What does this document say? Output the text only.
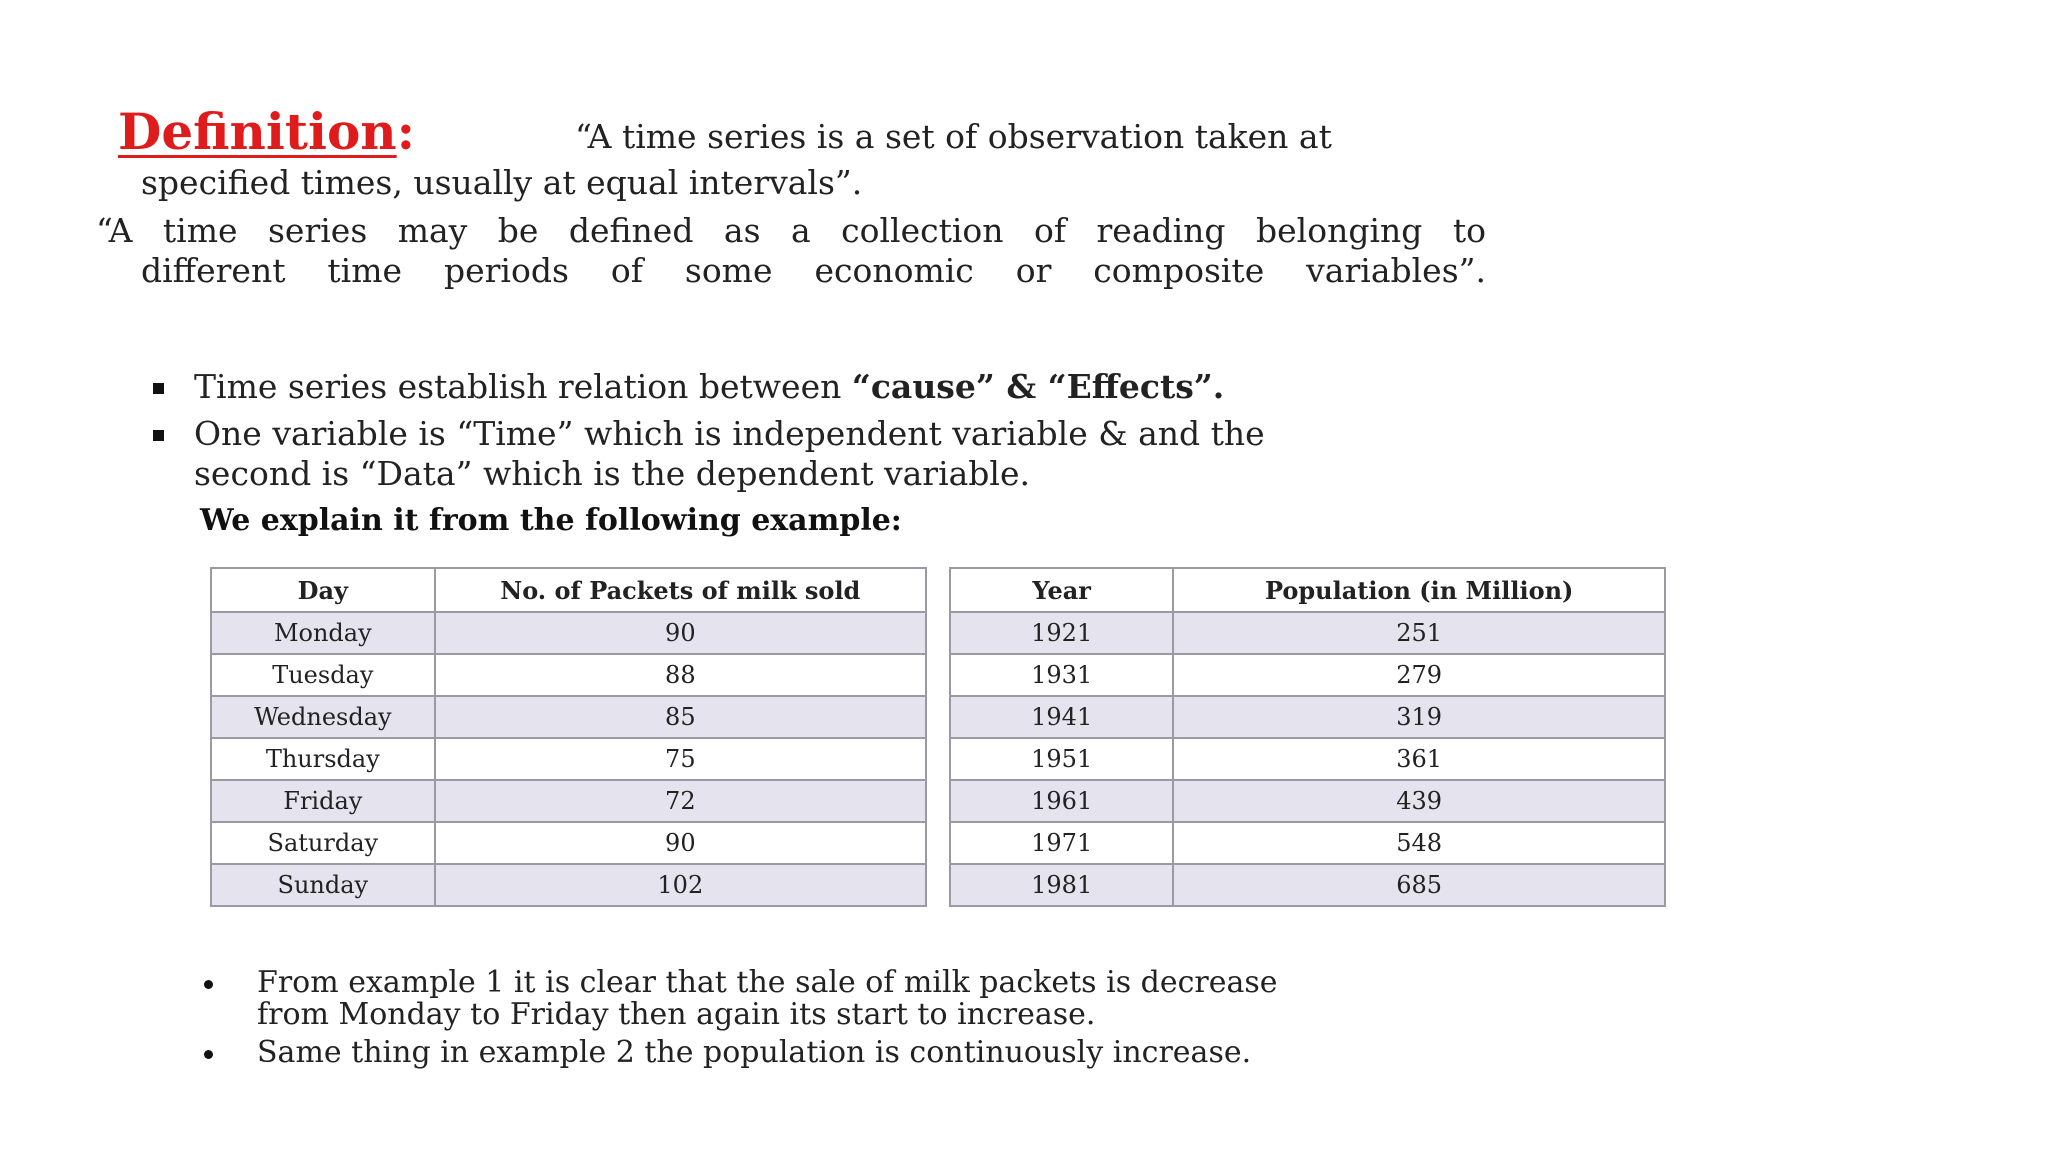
Definition:	“A time series is a set of observation taken at
specified times, usually at equal intervals”.
“A time series may be defined as a collection of reading belonging to
different time periods of some economic or composite variables”.
Time series establish relation between “cause” & “Effects”.
One variable is “Time” which is independent variable & and the
second is “Data” which is the dependent variable.
We explain it from the following example:
Day	No. of Packets of milk sold
Monday	90
Tuesday	88
Wednesday	85
Thursday	75
Friday	72
Saturday	90
Sunday	102
Year	Population (in Million)
1921	251
1931	279
1941	319
1951	361
1961	439
1971	548
1981	685
From example 1 it is clear that the sale of milk packets is decrease
from Monday to Friday then again its start to increase.
Same thing in example 2 the population is continuously increase.
